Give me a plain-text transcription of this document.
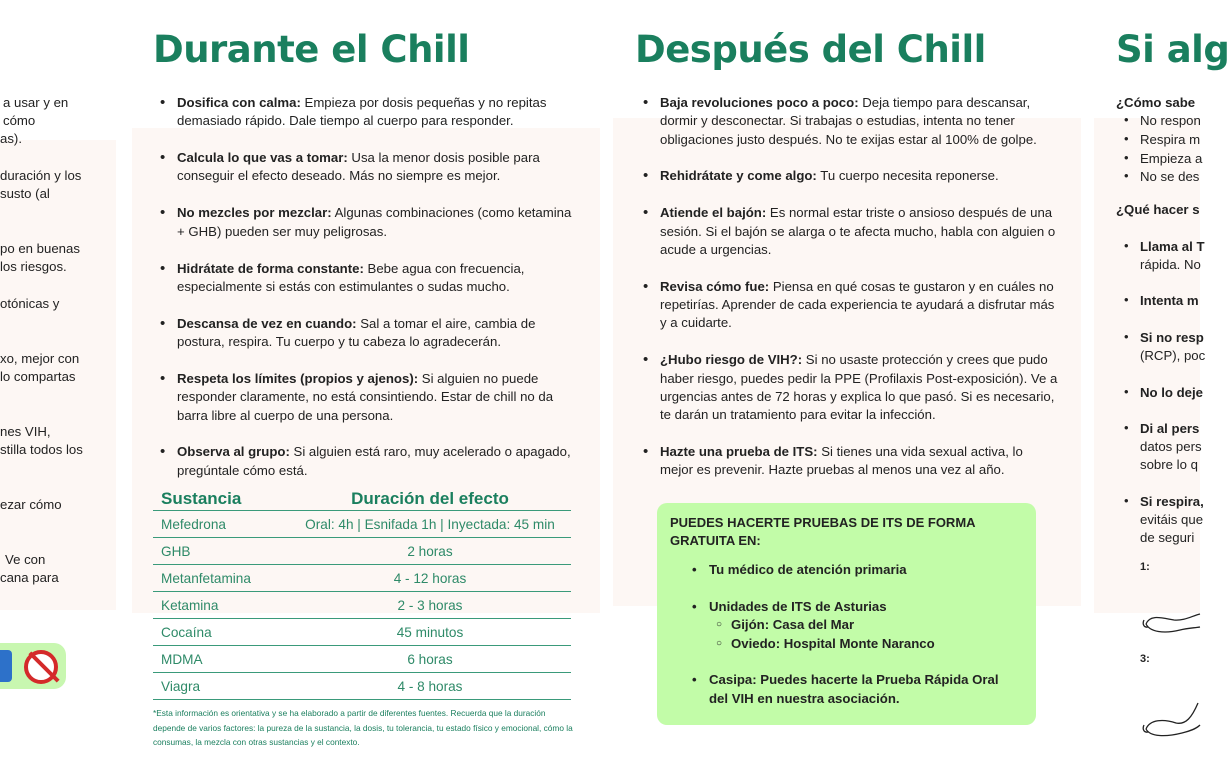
a usar y en

cómo

as).

duración y los

susto (al

po en buenas

los riesgos.

otónicas y

xo, mejor con

lo compartas

nes VIH,

stilla todos los

ezar cómo

Ve con

cana para

Durante el Chill
• Dosifica con calma: Empieza por dosis pequeñas y no repitas demasiado rápido. Dale tiempo al cuerpo para responder.
• Calcula lo que vas a tomar: Usa la menor dosis posible para conseguir el efecto deseado. Más no siempre es mejor.
• No mezcles por mezclar: Algunas combinaciones (como ketamina + GHB) pueden ser muy peligrosas.
• Hidrátate de forma constante: Bebe agua con frecuencia, especialmente si estás con estimulantes o sudas mucho.
• Descansa de vez en cuando: Sal a tomar el aire, cambia de postura, respira. Tu cuerpo y tu cabeza lo agradecerán.
• Respeta los límites (propios y ajenos): Si alguien no puede responder claramente, no está consintiendo. Estar de chill no da barra libre al cuerpo de una persona.
• Observa al grupo: Si alguien está raro, muy acelerado o apagado, pregúntale cómo está.
Sustancia	Duración del efecto
Mefedrona	Oral: 4h | Esnifada 1h | Inyectada: 45 min
GHB	2 horas
Metanfetamina	4 - 12 horas
Ketamina	2 - 3 horas
Cocaína	45 minutos
MDMA	6 horas
Viagra	4 - 8 horas

*Esta información es orientativa y se ha elaborado a partir de diferentes fuentes. Recuerda que la duración depende de varios factores: la pureza de la sustancia, la dosis, tu tolerancia, tu estado físico y emocional, cómo la consumas, la mezcla con otras sustancias y el contexto.

Después del Chill
• Baja revoluciones poco a poco: Deja tiempo para descansar, dormir y desconectar. Si trabajas o estudias, intenta no tener obligaciones justo después. No te exijas estar al 100% de golpe.
• Rehidrátate y come algo: Tu cuerpo necesita reponerse.
• Atiende el bajón: Es normal estar triste o ansioso después de una sesión. Si el bajón se alarga o te afecta mucho, habla con alguien o acude a urgencias.
• Revisa cómo fue: Piensa en qué cosas te gustaron y en cuáles no repetirías. Aprender de cada experiencia te ayudará a disfrutar más y a cuidarte.
• ¿Hubo riesgo de VIH?: Si no usaste protección y crees que pudo haber riesgo, puedes pedir la PPE (Profilaxis Post-exposición). Ve a urgencias antes de 72 horas y explica lo que pasó. Si es necesario, te darán un tratamiento para evitar la infección.
• Hazte una prueba de ITS: Si tienes una vida sexual activa, lo mejor es prevenir. Hazte pruebas al menos una vez al año.

PUEDES HACERTE PRUEBAS DE ITS DE FORMA GRATUITA EN:

• Tu médico de atención primaria
• Unidades de ITS de Asturias
○ Gijón: Casa del Mar
○ Oviedo: Hospital Monte Naranco
• Casipa: Puedes hacerte la Prueba Rápida Oral del VIH en nuestra asociación.
Si alg

¿Cómo sabe

No respon

Respira m

Empieza a

No se des

•
•
•
•

¿Qué hacer s

• Llama al T

rápida. No

• Intenta m

• Si no resp

(RCP), poc

• No lo deje

• Di al pers

datos pers

sobre lo q

• Si respira,

evitáis que

de seguri

1:

3:
